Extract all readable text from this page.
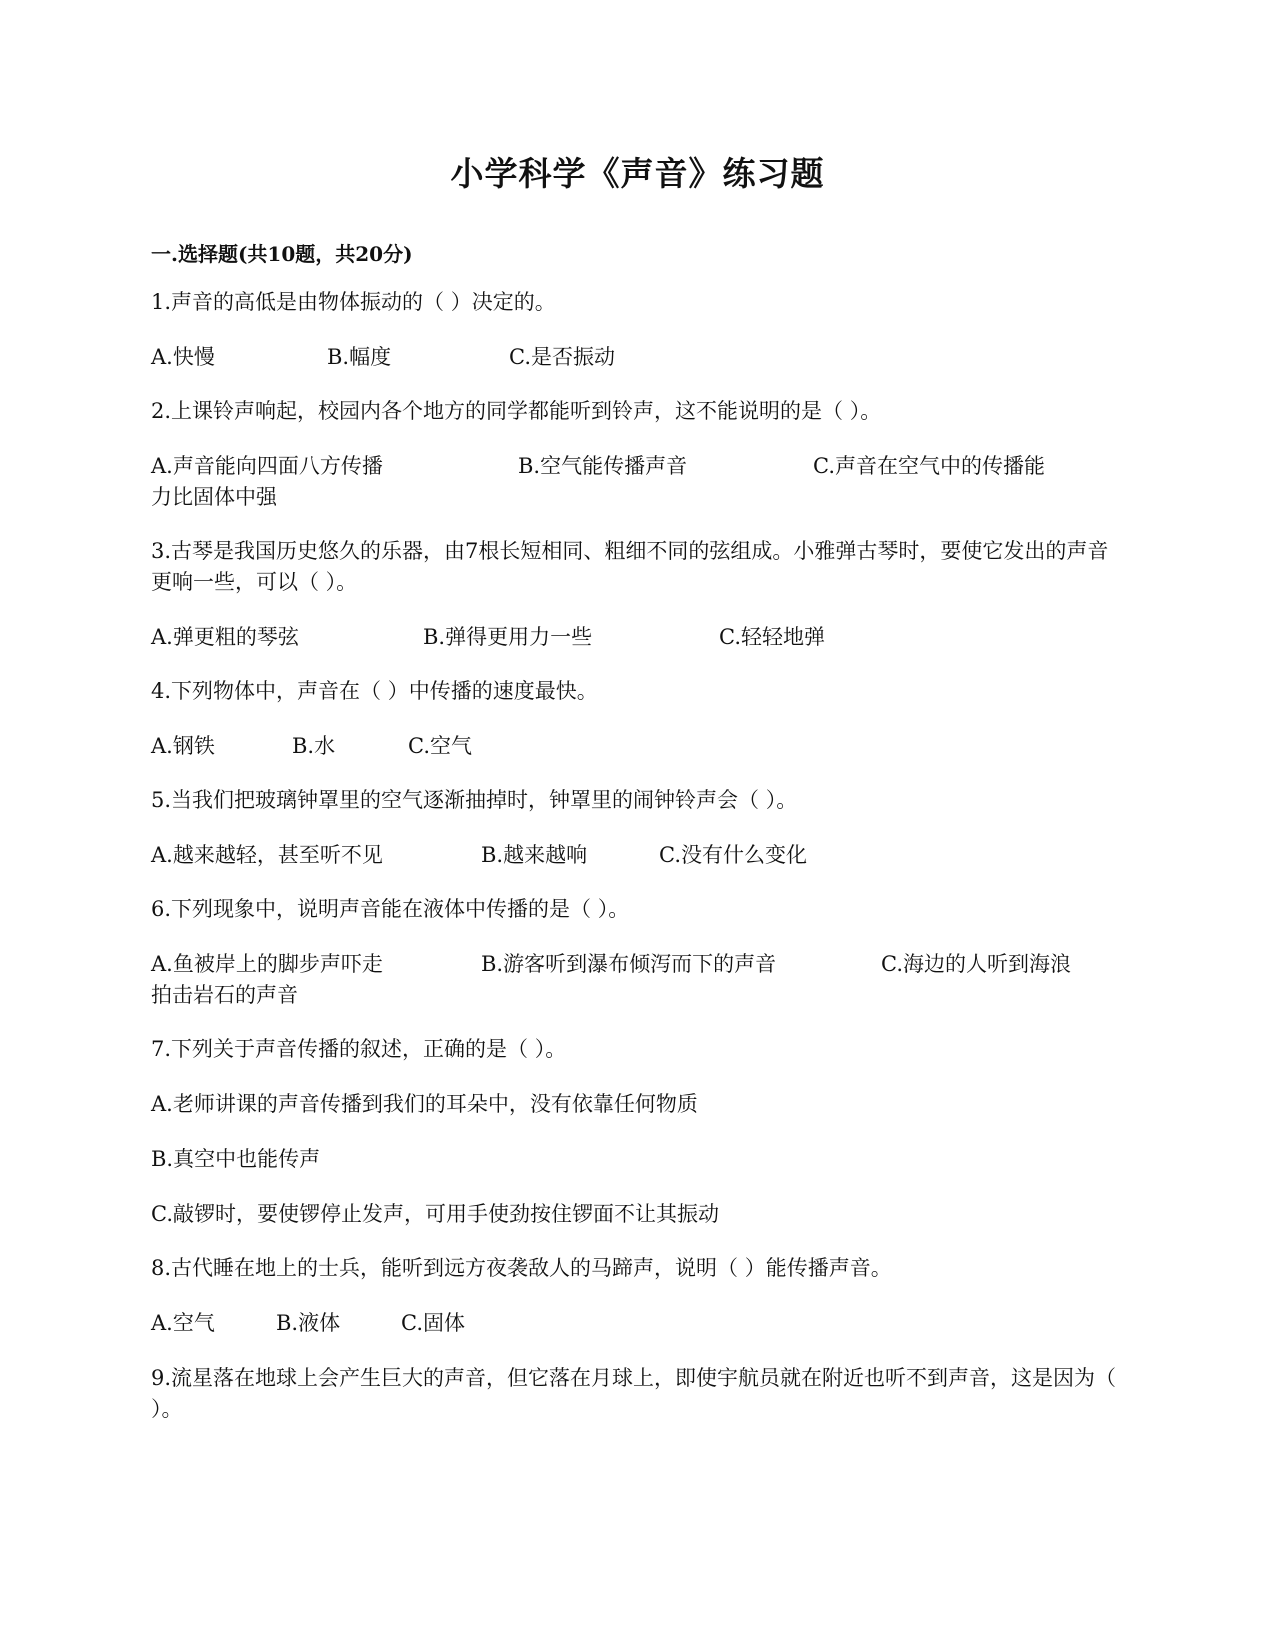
小学科学《声音》练习题
一.选择题(共10题，共20分)
1.声音的高低是由物体振动的（ ）决定的。
A.快慢	B.幅度	C.是否振动
2.上课铃声响起，校园内各个地方的同学都能听到铃声，这不能说明的是（ ）。
A.声音能向四面八方传播	B.空气能传播声音	C.声音在空气中的传播能
力比固体中强
3.古琴是我国历史悠久的乐器，由7根长短相同、粗细不同的弦组成。小雅弹古琴时，要使它发出的声音更响一些，可以（ ）。
A.弹更粗的琴弦	B.弹得更用力一些	C.轻轻地弹
4.下列物体中，声音在（ ）中传播的速度最快。
A.钢铁	B.水	C.空气
5.当我们把玻璃钟罩里的空气逐渐抽掉时，钟罩里的闹钟铃声会（ ）。
A.越来越轻，甚至听不见	B.越来越响	C.没有什么变化
6.下列现象中，说明声音能在液体中传播的是（ ）。
A.鱼被岸上的脚步声吓走	B.游客听到瀑布倾泻而下的声音	C.海边的人听到海浪
拍击岩石的声音
7.下列关于声音传播的叙述，正确的是（ ）。
A.老师讲课的声音传播到我们的耳朵中，没有依靠任何物质
B.真空中也能传声
C.敲锣时，要使锣停止发声，可用手使劲按住锣面不让其振动
8.古代睡在地上的士兵，能听到远方夜袭敌人的马蹄声，说明（ ）能传播声音。
A.空气	B.液体	C.固体
9.流星落在地球上会产生巨大的声音，但它落在月球上，即使宇航员就在附近也听不到声音，这是因为（ ）。
